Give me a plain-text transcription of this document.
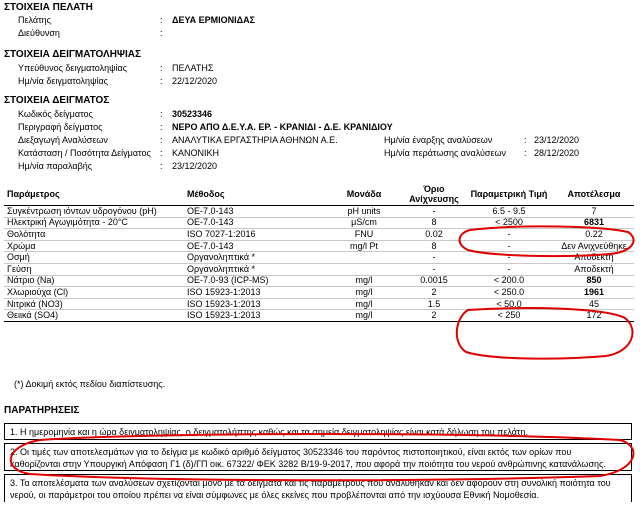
ΣΤΟΙΧΕΙΑ ΠΕΛΑΤΗ
Πελάτης	: ΔΕΥΑ ΕΡΜΙΟΝΙΔΑΣ
Διεύθυνση	:
ΣΤΟΙΧΕΙΑ ΔΕΙΓΜΑΤΟΛΗΨΙΑΣ
Υπεύθυνος δειγματοληψίας	: ΠΕΛΑΤΗΣ
Ημ/νία δειγματοληψίας	: 22/12/2020
ΣΤΟΙΧΕΙΑ ΔΕΙΓΜΑΤΟΣ
Κωδικός δείγματος	: 30523346
Περιγραφή δείγματος	: ΝΕΡΟ ΑΠΟ Δ.Ε.Υ.Α. ΕΡ. - ΚΡΑΝΙΔΙ - Δ.Ε. ΚΡΑΝΙΔΙΟΥ
Διεξαγωγή Αναλύσεων	: ΑΝΑΛΥΤΙΚΑ ΕΡΓΑΣΤΗΡΙΑ ΑΘΗΝΩΝ Α.Ε.
Κατάσταση / Ποσότητα Δείγματος : ΚΑΝΟΝΙΚΗ
Ημ/νία παραλαβής	: 23/12/2020
Ημ/νία έναρξης αναλύσεων	: 23/12/2020
Ημ/νία περάτωσης αναλύσεων : 28/12/2020
Παράμετρος	Μέθοδος	Μονάδα	Όριο Ανίχνευσης	Παραμετρική Τιμή	Αποτέλεσμα
Συγκέντρωση ιόντων υδρογόνου (pH)	ΟΕ-7.0-143	pH units	-	6.5 - 9.5	7
Ηλεκτρική Αγωγιμότητα - 20°C	ΟΕ-7.0-143	μS/cm	8	< 2500	6831
Θολότητα	ISO 7027-1:2016	FNU	0.02	-	0.22
Χρώμα	ΟΕ-7.0-143	mg/l Pt	8	-	Δεν Ανιχνεύθηκε
Οσμή	Οργανοληπτικά *		-	-	Αποδεκτή
Γεύση	Οργανοληπτικά *		-	-	Αποδεκτή
Νάτριο (Na)	ΟΕ-7.0-93 (ICP-MS)	mg/l	0.0015	< 200.0	850
Χλωριούχα (Cl)	ISO 15923-1:2013	mg/l	2	< 250.0	1961
Νιτρικά (NO3)	ISO 15923-1:2013	mg/l	1.5	< 50.0	45
Θειικά (SO4)	ISO 15923-1:2013	mg/l	2	< 250	172
(*) Δοκιμή εκτός πεδίου διαπίστευσης.
ΠΑΡΑΤΗΡΗΣΕΙΣ
1. Η ημερομηνία και η ώρα δειγματοληψίας, ο δειγματολήπτης καθώς και τα σημεία δειγματοληψίας είναι κατά δήλωση του πελάτη.
2. Οι τιμές των αποτελεσμάτων για το δείγμα με κωδικό αριθμό δείγματος 30523346 του παρόντος πιστοποιητικού, είναι εκτός των ορίων που
καθορίζονται στην Υπουργική Απόφαση Γ1 (δ)/ΓΠ οικ. 67322/ ΦΕΚ 3282 Β/19-9-2017, που αφορά την ποιότητα του νερού ανθρώπινης κατανάλωσης.
3. Τα αποτελέσματα των αναλύσεων σχετίζονται μόνο με τα δείγματα και τις παραμέτρους που αναλύθηκαν και δεν αφορούν στη συνολική ποιότητα του
νερού, οι παράμετροι του οποίου πρέπει να είναι σύμφωνες με όλες εκείνες που προβλέπονται από την ισχύουσα Εθνική Νομοθεσία.
